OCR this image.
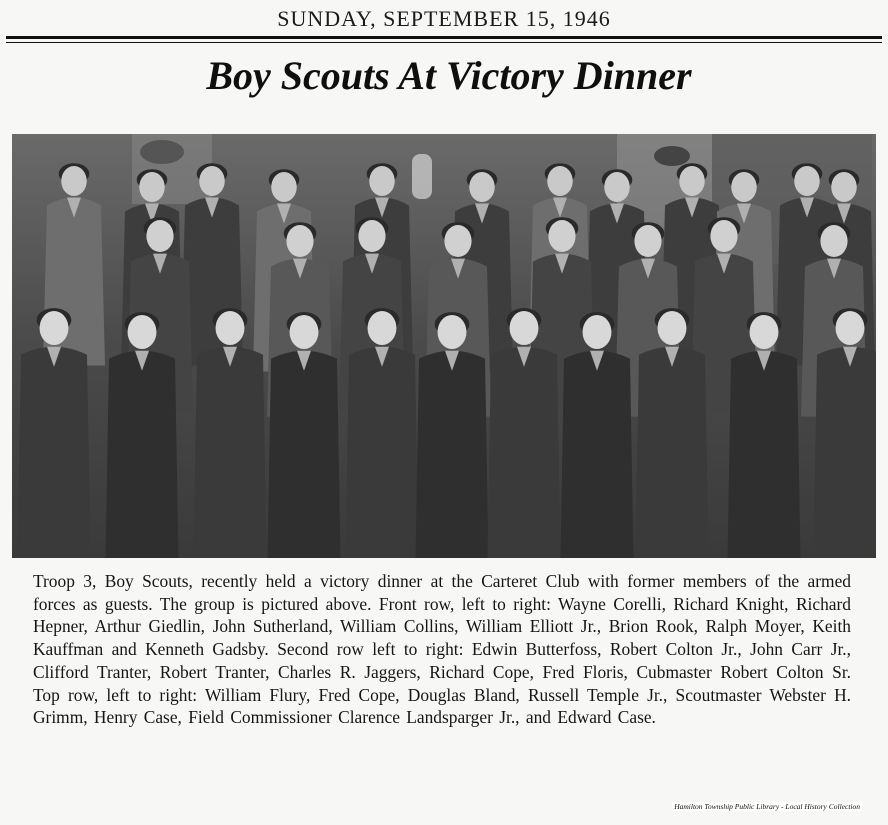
SUNDAY, SEPTEMBER 15, 1946
Boy Scouts At Victory Dinner
Troop 3, Boy Scouts, recently held a victory dinner at the Carteret Club with former members of the armed forces as guests. The group is pictured above. Front row, left to right: Wayne Corelli, Richard Knight, Richard Hepner, Arthur Giedlin, John Sutherland, William Collins, William Elliott Jr., Brion Rook, Ralph Moyer, Keith Kauffman and Kenneth Gadsby. Second row left to right: Edwin Butterfoss, Robert Colton Jr., John Carr Jr., Clifford Tranter, Robert Tranter, Charles R. Jaggers, Richard Cope, Fred Floris, Cubmaster Robert Colton Sr. Top row, left to right: William Flury, Fred Cope, Douglas Bland, Russell Temple Jr., Scoutmaster Webster H. Grimm, Henry Case, Field Commissioner Clarence Landsparger Jr., and Edward Case.
Hamilton Township Public Library - Local History Collection
